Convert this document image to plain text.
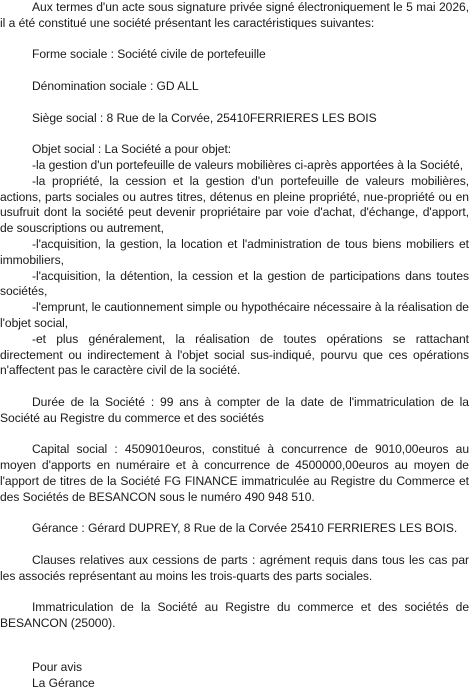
Aux termes d'un acte sous signature privée signé électroniquement le 5 mai 2026, il a été constitué une société présentant les caractéristiques suivantes:

Forme sociale : Société civile de portefeuille

Dénomination sociale : GD ALL

Siège social : 8 Rue de la Corvée, 25410FERRIERES LES BOIS

Objet social : La Société a pour objet:

-la gestion d'un portefeuille de valeurs mobilières ci-après apportées à la Société,

-la propriété, la cession et la gestion d'un portefeuille de valeurs mobilières, actions, parts sociales ou autres titres, détenus en pleine propriété, nue-propriété ou en usufruit dont la société peut devenir propriétaire par voie d'achat, d'échange, d'apport, de souscriptions ou autrement,

-l'acquisition, la gestion, la location et l'administration de tous biens mobiliers et immobiliers,

-l'acquisition, la détention, la cession et la gestion de participations dans toutes sociétés,

-l'emprunt, le cautionnement simple ou hypothécaire nécessaire à la réalisation de l'objet social,

-et plus généralement, la réalisation de toutes opérations se rattachant directement ou indirectement à l'objet social sus-indiqué, pourvu que ces opérations n'affectent pas le caractère civil de la société.

Durée de la Société : 99 ans à compter de la date de l'immatriculation de la Société au Registre du commerce et des sociétés

Capital social : 4509010euros, constitué à concurrence de 9010,00euros au moyen d'apports en numéraire et à concurrence de 4500000,00euros au moyen de l'apport de titres de la Société FG FINANCE immatriculée au Registre du Commerce et des Sociétés de BESANCON sous le numéro 490 948 510.

Gérance : Gérard DUPREY, 8 Rue de la Corvée 25410 FERRIERES LES BOIS.

Clauses relatives aux cessions de parts : agrément requis dans tous les cas par les associés représentant au moins les trois-quarts des parts sociales.

Immatriculation de la Société au Registre du commerce et des sociétés de BESANCON (25000).

Pour avis

La Gérance
